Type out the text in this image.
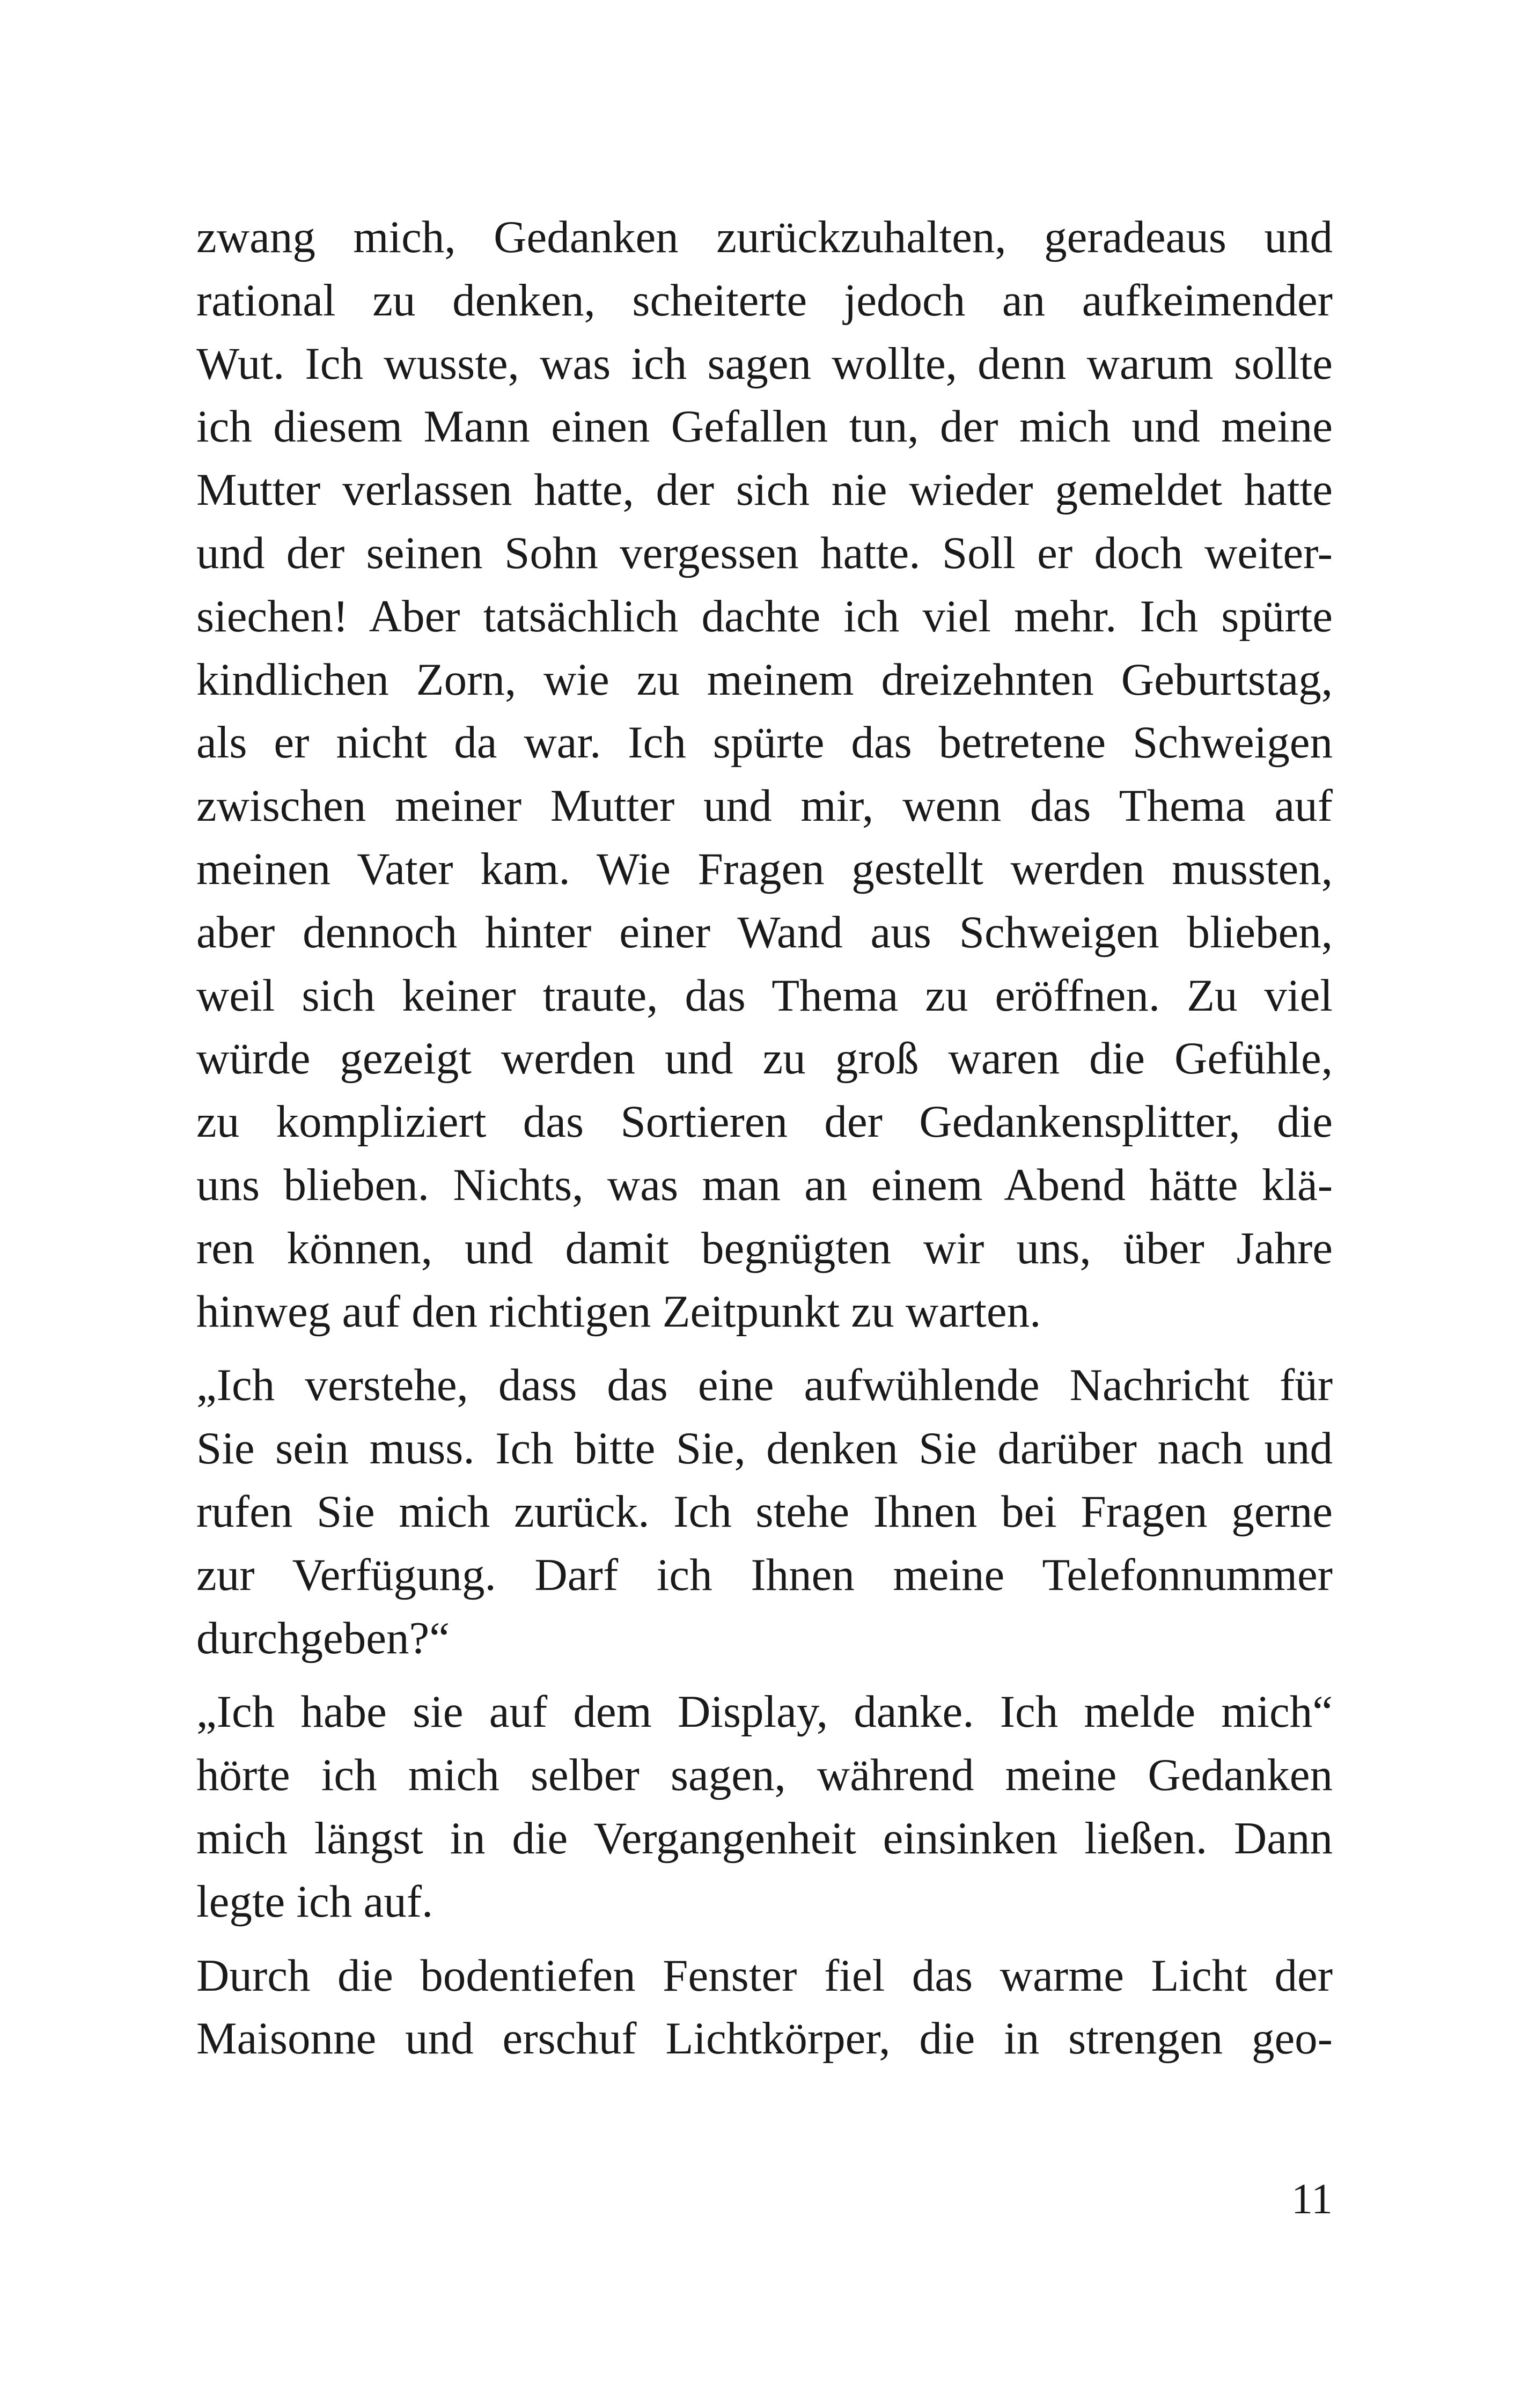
zwang mich, Gedanken zurückzuhalten, geradeaus und
rational zu denken, scheiterte jedoch an aufkeimender
Wut. Ich wusste, was ich sagen wollte, denn warum sollte
ich diesem Mann einen Gefallen tun, der mich und meine
Mutter verlassen hatte, der sich nie wieder gemeldet hatte
und der seinen Sohn vergessen hatte. Soll er doch weiter-
siechen! Aber tatsächlich dachte ich viel mehr. Ich spürte
kindlichen Zorn, wie zu meinem dreizehnten Geburtstag,
als er nicht da war. Ich spürte das betretene Schweigen
zwischen meiner Mutter und mir, wenn das Thema auf
meinen Vater kam. Wie Fragen gestellt werden mussten,
aber dennoch hinter einer Wand aus Schweigen blieben,
weil sich keiner traute, das Thema zu eröffnen. Zu viel
würde gezeigt werden und zu groß waren die Gefühle,
zu kompliziert das Sortieren der Gedankensplitter, die
uns blieben. Nichts, was man an einem Abend hätte klä-
ren können, und damit begnügten wir uns, über Jahre
hinweg auf den richtigen Zeitpunkt zu warten.
„Ich verstehe, dass das eine aufwühlende Nachricht für
Sie sein muss. Ich bitte Sie, denken Sie darüber nach und
rufen Sie mich zurück. Ich stehe Ihnen bei Fragen gerne
zur Verfügung. Darf ich Ihnen meine Telefonnummer
durchgeben?“
„Ich habe sie auf dem Display, danke. Ich melde mich“
hörte ich mich selber sagen, während meine Gedanken
mich längst in die Vergangenheit einsinken ließen. Dann
legte ich auf.
Durch die bodentiefen Fenster fiel das warme Licht der
Maisonne und erschuf Lichtkörper, die in strengen geo-
11
